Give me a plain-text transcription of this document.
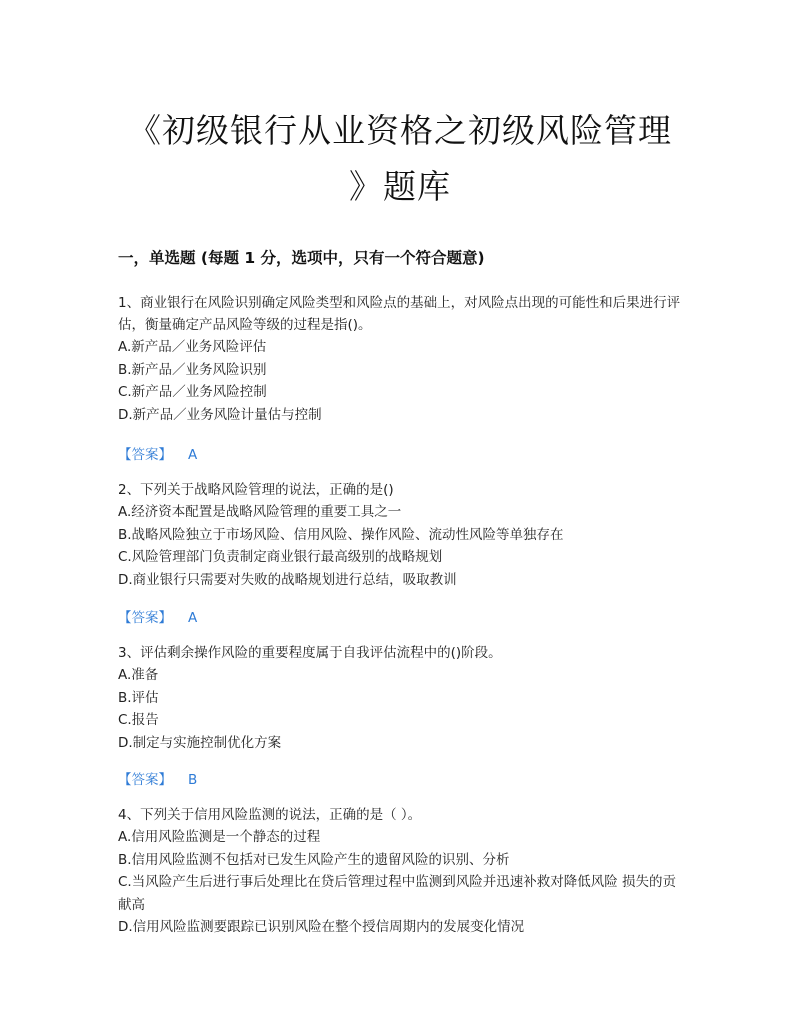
《初级银行从业资格之初级风险管理
》题库
一，单选题 (每题 1 分，选项中，只有一个符合题意)

1、商业银行在风险识别确定风险类型和风险点的基础上，对风险点出现的可能性和后果进行评估，衡量确定产品风险等级的过程是指()。

A.新产品／业务风险评估

B.新产品／业务风险识别

C.新产品／业务风险控制

D.新产品／业务风险计量估与控制

【答案】 A

2、下列关于战略风险管理的说法，正确的是()

A.经济资本配置是战略风险管理的重要工具之一

B.战略风险独立于市场风险、信用风险、操作风险、流动性风险等单独存在

C.风险管理部门负责制定商业银行最高级别的战略规划

D.商业银行只需要对失败的战略规划进行总结，吸取教训

【答案】 A

3、评估剩余操作风险的重要程度属于自我评估流程中的()阶段。

A.准备

B.评估

C.报告

D.制定与实施控制优化方案

【答案】 B

4、下列关于信用风险监测的说法，正确的是（ ）。

A.信用风险监测是一个静态的过程

B.信用风险监测不包括对已发生风险产生的遗留风险的识别、分析

C.当风险产生后进行事后处理比在贷后管理过程中监测到风险并迅速补救对降低风险 损失的贡献高

D.信用风险监测要跟踪已识别风险在整个授信周期内的发展变化情况
